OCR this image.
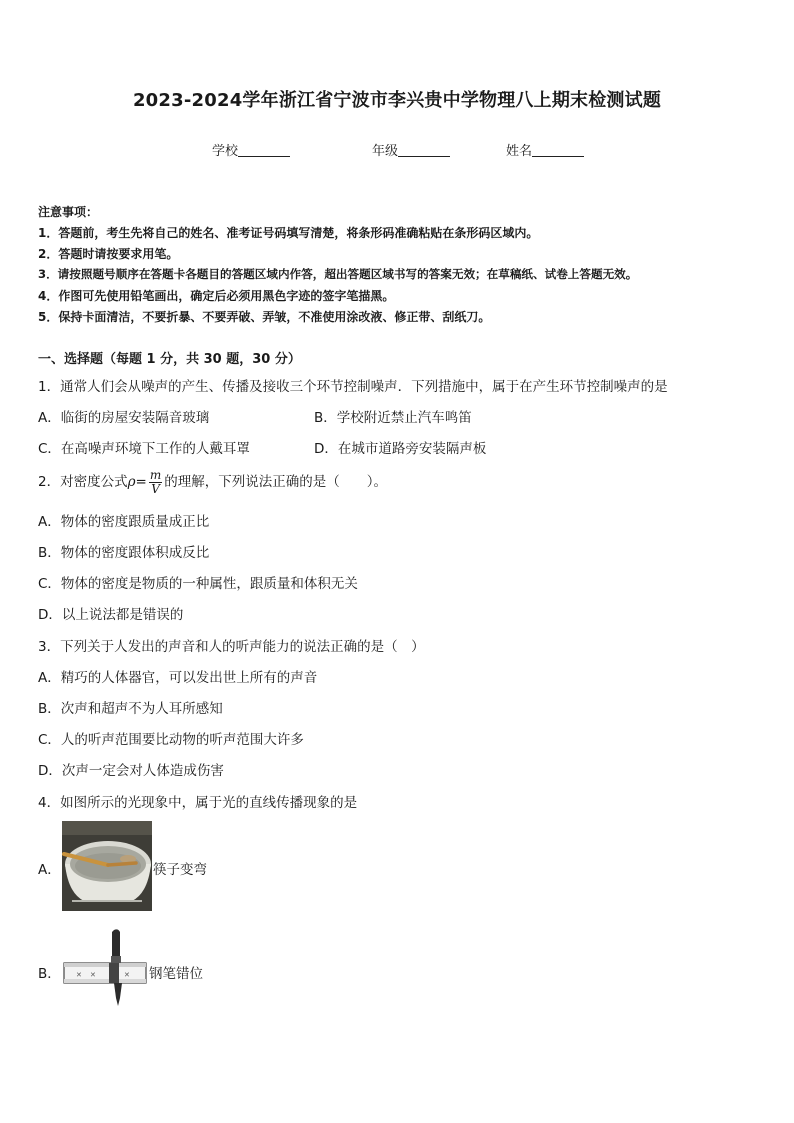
2023-2024学年浙江省宁波市李兴贵中学物理八上期末检测试题
学校	年级	姓名
注意事项：
1．答题前，考生先将自己的姓名、准考证号码填写清楚，将条形码准确粘贴在条形码区域内。
2．答题时请按要求用笔。
3．请按照题号顺序在答题卡各题目的答题区域内作答，超出答题区域书写的答案无效；在草稿纸、试卷上答题无效。
4．作图可先使用铅笔画出，确定后必须用黑色字迹的签字笔描黑。
5．保持卡面清洁，不要折暴、不要弄破、弄皱，不准使用涂改液、修正带、刮纸刀。
一、选择题（每题 1 分，共 30 题，30 分）
1．通常人们会从噪声的产生、传播及接收三个环节控制噪声．下列措施中，属于在产生环节控制噪声的是
A．临街的房屋安装隔音玻璃	B．学校附近禁止汽车鸣笛
C．在高噪声环境下工作的人戴耳罩	D．在城市道路旁安装隔声板
2．对密度公式$\rho= \frac{m}{V}$ 的理解，下列说法正确的是（　　）。
A．物体的密度跟质量成正比
B．物体的密度跟体积成反比
C．物体的密度是物质的一种属性，跟质量和体积无关
D．以上说法都是错误的
3．下列关于人发出的声音和人的听声能力的说法正确的是（　）
A．精巧的人体器官，可以发出世上所有的声音
B．次声和超声不为人耳所感知
C．人的听声范围要比动物的听声范围大许多
D．次声一定会对人体造成伤害
4．如图所示的光现象中，属于光的直线传播现象的是
A．	筷子变弯
B． ✕ ✕	✕ 钢笔错位
